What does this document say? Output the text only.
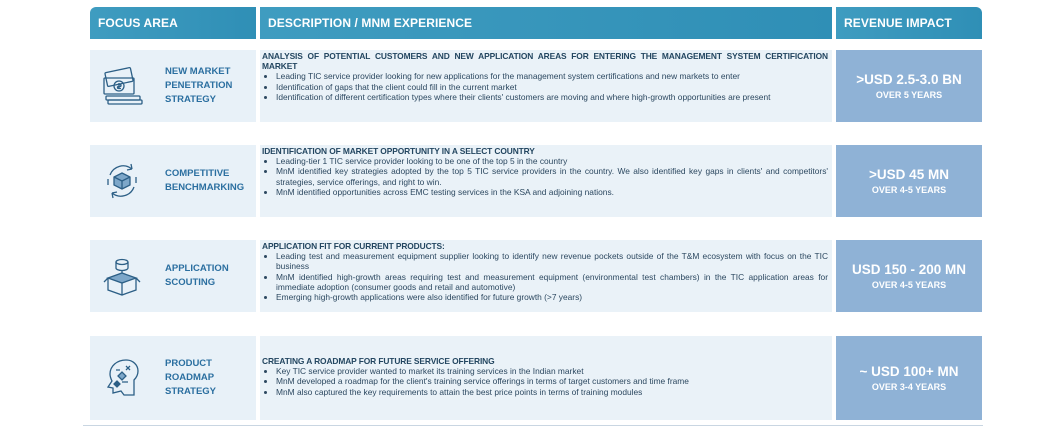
FOCUS AREA	DESCRIPTION / MNM EXPERIENCE	REVENUE IMPACT
NEW MARKET
PENETRATION
STRATEGY
ANALYSIS OF POTENTIAL CUSTOMERS AND NEW APPLICATION AREAS FOR ENTERING THE MANAGEMENT SYSTEM CERTIFICATION MARKET
• Leading TIC service provider looking for new applications for the management system certifications and new markets to enter
• Identification of gaps that the client could fill in the current market
• Identification of different certification types where their clients' customers are moving and where high-growth opportunities are present
>USD 2.5-3.0 BN
OVER 5 YEARS
COMPETITIVE
BENCHMARKING
IDENTIFICATION OF MARKET OPPORTUNITY IN A SELECT COUNTRY
• Leading-tier 1 TIC service provider looking to be one of the top 5 in the country
• MnM identified key strategies adopted by the top 5 TIC service providers in the country. We also identified key gaps in clients' and competitors' strategies, service offerings, and right to win.
• MnM identified opportunities across EMC testing services in the KSA and adjoining nations.
>USD 45 MN
OVER 4-5 YEARS
APPLICATION
SCOUTING
APPLICATION FIT FOR CURRENT PRODUCTS:
• Leading test and measurement equipment supplier looking to identify new revenue pockets outside of the T&M ecosystem with focus on the TIC business
• MnM identified high-growth areas requiring test and measurement equipment (environmental test chambers) in the TIC application areas for immediate adoption (consumer goods and retail and automotive)
• Emerging high-growth applications were also identified for future growth (>7 years)
USD 150 - 200 MN
OVER 4-5 YEARS
PRODUCT
ROADMAP
STRATEGY
CREATING A ROADMAP FOR FUTURE SERVICE OFFERING
• Key TIC service provider wanted to market its training services in the Indian market
• MnM developed a roadmap for the client's training service offerings in terms of target customers and time frame
• MnM also captured the key requirements to attain the best price points in terms of training modules
~ USD 100+ MN
OVER 3-4 YEARS
